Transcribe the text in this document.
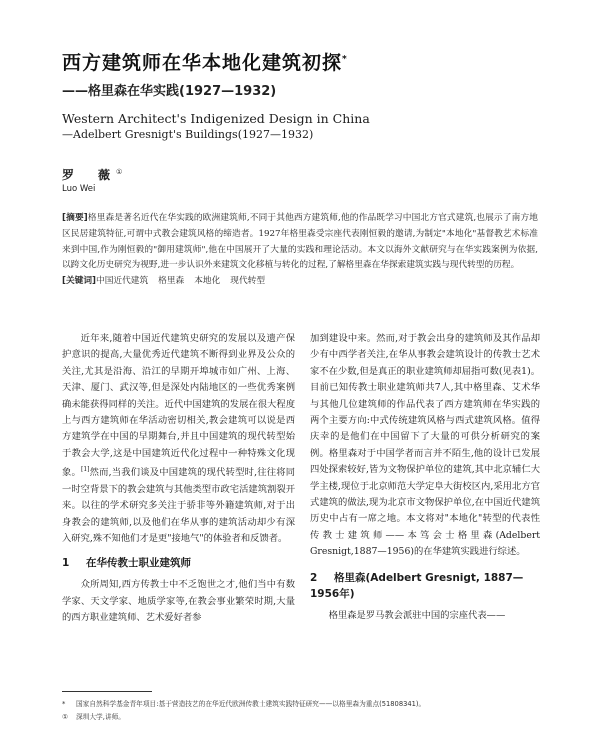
西方建筑师在华本地化建筑初探*
——格里森在华实践(1927—1932)
Western Architect's Indigenized Design in China
—Adelbert Gresnigt's Buildings(1927—1932)
罗　薇①
Luo Wei

[摘要]格里森是著名近代在华实践的欧洲建筑师,不同于其他西方建筑师,他的作品既学习中国北方官式建筑,也展示了南方地区民居建筑特征,可谓中式教会建筑风格的缔造者。1927年格里森受宗座代表刚恒毅的邀请,为制定"本地化"基督教艺术标准来到中国,作为刚恒毅的"御用建筑师",他在中国展开了大量的实践和理论活动。本文以海外文献研究与在华实践案例为依据,以跨文化历史研究为视野,进一步认识外来建筑文化移植与转化的过程,了解格里森在华探索建筑实践与现代转型的历程。

[关键词]中国近代建筑 格里森 本地化 现代转型

近年来,随着中国近代建筑史研究的发展以及遗产保护意识的提高,大量优秀近代建筑不断得到业界及公众的关注,尤其是沿海、沿江的早期开埠城市如广州、上海、天津、厦门、武汉等,但是深处内陆地区的一些优秀案例确未能获得同样的关注。近代中国建筑的发展在很大程度上与西方建筑师在华活动密切相关,教会建筑可以说是西方建筑学在中国的早期舞台,并且中国建筑的现代转型始于教会大学,这是中国建筑近代化过程中一种特殊文化现象。[1]然而,当我们谈及中国建筑的现代转型时,往往将同一时空背景下的教会建筑与其他类型市政宅活建筑割裂开来。以往的学术研究多关注于骄非等外籍建筑师,对于出身教会的建筑师,以及他们在华从事的建筑活动却少有深入研究,殊不知他们才是更"接地气"的体验者和反馈者。

1 在华传教士职业建筑师

众所周知,西方传教士中不乏饱世之才,他们当中有数学家、天文学家、地质学家等,在教会事业繁荣时期,大量的西方职业建筑师、艺术爱好者参

加到建设中来。然而,对于教会出身的建筑师及其作品却少有中西学者关注,在华从事教会建筑设计的传教士艺术家不在少数,但是真正的职业建筑师却屈指可数(见表1)。目前已知传教士职业建筑师共7人,其中格里森、艾术华与其他几位建筑师的作品代表了西方建筑师在华实践的两个主要方向:中式传统建筑风格与西式建筑风格。值得庆幸的是他们在中国留下了大量的可供分析研究的案例。格里森对于中国学者而言并不陌生,他的设计已发展四处探索较好,皆为文物保护单位的建筑,其中北京辅仁大学主楼,现位于北京师范大学定阜大街校区内,采用北方官式建筑的做法,现为北京市文物保护单位,在中国近代建筑历史中占有一席之地。本文将对"本地化"转型的代表性传教士建筑师——本笃会士格里森(Adelbert Gresnigt,1887—1956)的在华建筑实践进行综述。

2 格里森(Adelbert Gresnigt, 1887—1956年)

格里森是罗马教会派驻中国的宗座代表——

* 国家自然科学基金青年项目:基于营造技艺的在华近代欧洲传教士建筑实践特征研究——以格里森为重点(51808341)。
① 深圳大学,讲师。
